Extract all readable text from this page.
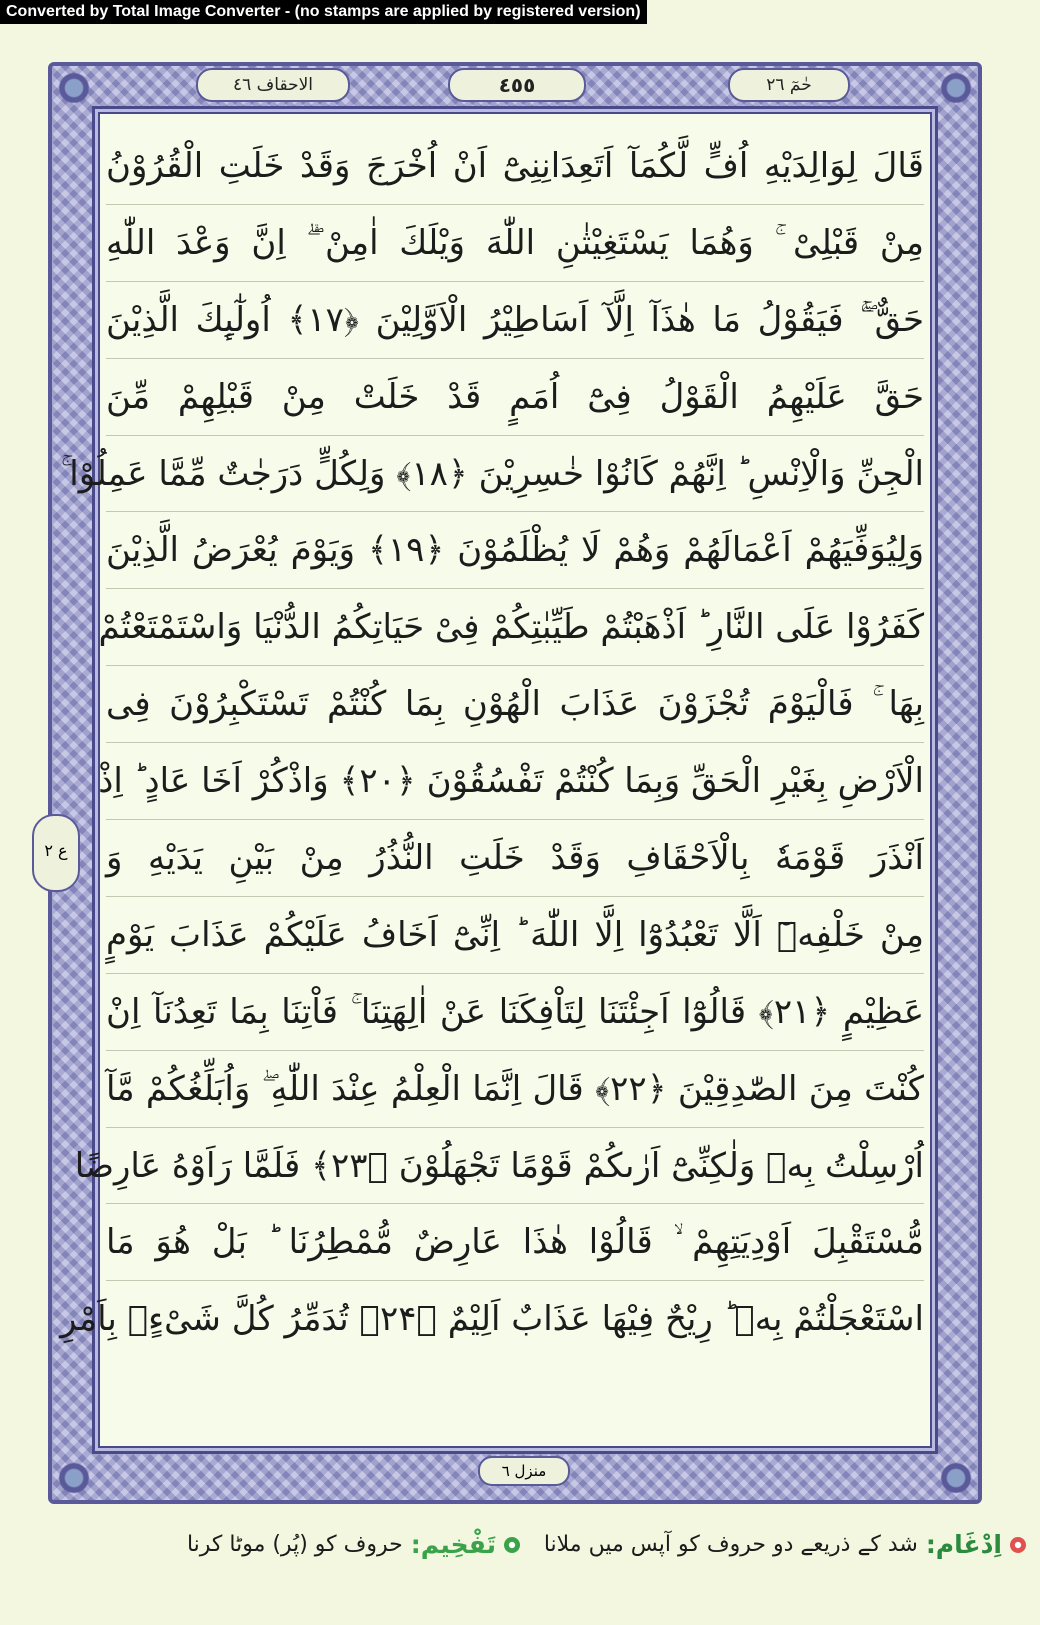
Converted by Total Image Converter - (no stamps are applied by registered version)
الاحقاف ٤٦	٤٥٥	حٰمٓ ٢٦
قَالَ لِوَالِدَيْهِ اُفٍّ لَّكُمَآ اَتَعِدَانِنِیْٓ اَنْ اُخْرَجَ وَقَدْ خَلَتِ الْقُرُوْنُ
مِنْ قَبْلِیْ ۚ وَهُمَا یَسْتَغِیْثٰنِ اللّٰهَ وَیْلَكَ اٰمِنْ ۖۗ اِنَّ وَعْدَ اللّٰهِ
حَقٌّ ۚۖ فَیَقُوْلُ مَا هٰذَآ اِلَّآ اَسَاطِیْرُ الْاَوَّلِیْنَ ﴿۱۷﴾ اُولٰٓىِٕكَ الَّذِیْنَ
حَقَّ عَلَیْهِمُ الْقَوْلُ فِیْٓ اُمَمٍ قَدْ خَلَتْ مِنْ قَبْلِهِمْ مِّنَ
الْجِنِّ وَالْاِنْسِ ؕ اِنَّهُمْ كَانُوْا خٰسِرِیْنَ ﴿۱۸﴾ وَلِكُلٍّ دَرَجٰتٌ مِّمَّا عَمِلُوْا ۚ
وَلِیُوَفِّیَهُمْ اَعْمَالَهُمْ وَهُمْ لَا یُظْلَمُوْنَ ﴿۱۹﴾ وَیَوْمَ یُعْرَضُ الَّذِیْنَ
كَفَرُوْا عَلَى النَّارِ ؕ اَذْهَبْتُمْ طَیِّبٰتِكُمْ فِیْ حَیَاتِكُمُ الدُّنْیَا وَاسْتَمْتَعْتُمْ
بِهَا ۚ فَالْیَوْمَ تُجْزَوْنَ عَذَابَ الْهُوْنِ بِمَا كُنْتُمْ تَسْتَكْبِرُوْنَ فِی
الْاَرْضِ بِغَیْرِ الْحَقِّ وَبِمَا كُنْتُمْ تَفْسُقُوْنَ ﴿۲۰﴾ وَاذْكُرْ اَخَا عَادٍ ؕ اِذْ
اَنْذَرَ قَوْمَهٗ بِالْاَحْقَافِ وَقَدْ خَلَتِ النُّذُرُ مِنْ بَیْنِ یَدَیْهِ وَ
مِنْ خَلْفِهٖٓ اَلَّا تَعْبُدُوْٓا اِلَّا اللّٰهَ ؕ اِنِّیْٓ اَخَافُ عَلَیْكُمْ عَذَابَ یَوْمٍ
عَظِیْمٍ ﴿۲۱﴾ قَالُوْٓا اَجِئْتَنَا لِتَاْفِكَنَا عَنْ اٰلِهَتِنَا ۚ فَاْتِنَا بِمَا تَعِدُنَآ اِنْ
كُنْتَ مِنَ الصّٰدِقِیْنَ ﴿۲۲﴾ قَالَ اِنَّمَا الْعِلْمُ عِنْدَ اللّٰهِ ۖ وَاُبَلِّغُكُمْ مَّآ
اُرْسِلْتُ بِهٖ وَلٰكِنِّیْٓ اَرٰىكُمْ قَوْمًا تَجْهَلُوْنَ ﴿۲۳﴾ فَلَمَّا رَاَوْهُ عَارِضًا
مُّسْتَقْبِلَ اَوْدِیَتِهِمْ ۙ قَالُوْا هٰذَا عَارِضٌ مُّمْطِرُنَا ؕ بَلْ هُوَ مَا
اسْتَعْجَلْتُمْ بِهٖ ؕ رِیْحٌ فِیْهَا عَذَابٌ اَلِیْمٌ ﴿۲۴﴾ تُدَمِّرُ كُلَّ شَیْءٍۭ بِاَمْرِ
ع ۲
منزل ٦
اِدْغَام:
شد کے ذریعے دو حروف کو آپس میں ملانا
تَفْخِیم:
حروف کو (پُر) موٹا کرنا
